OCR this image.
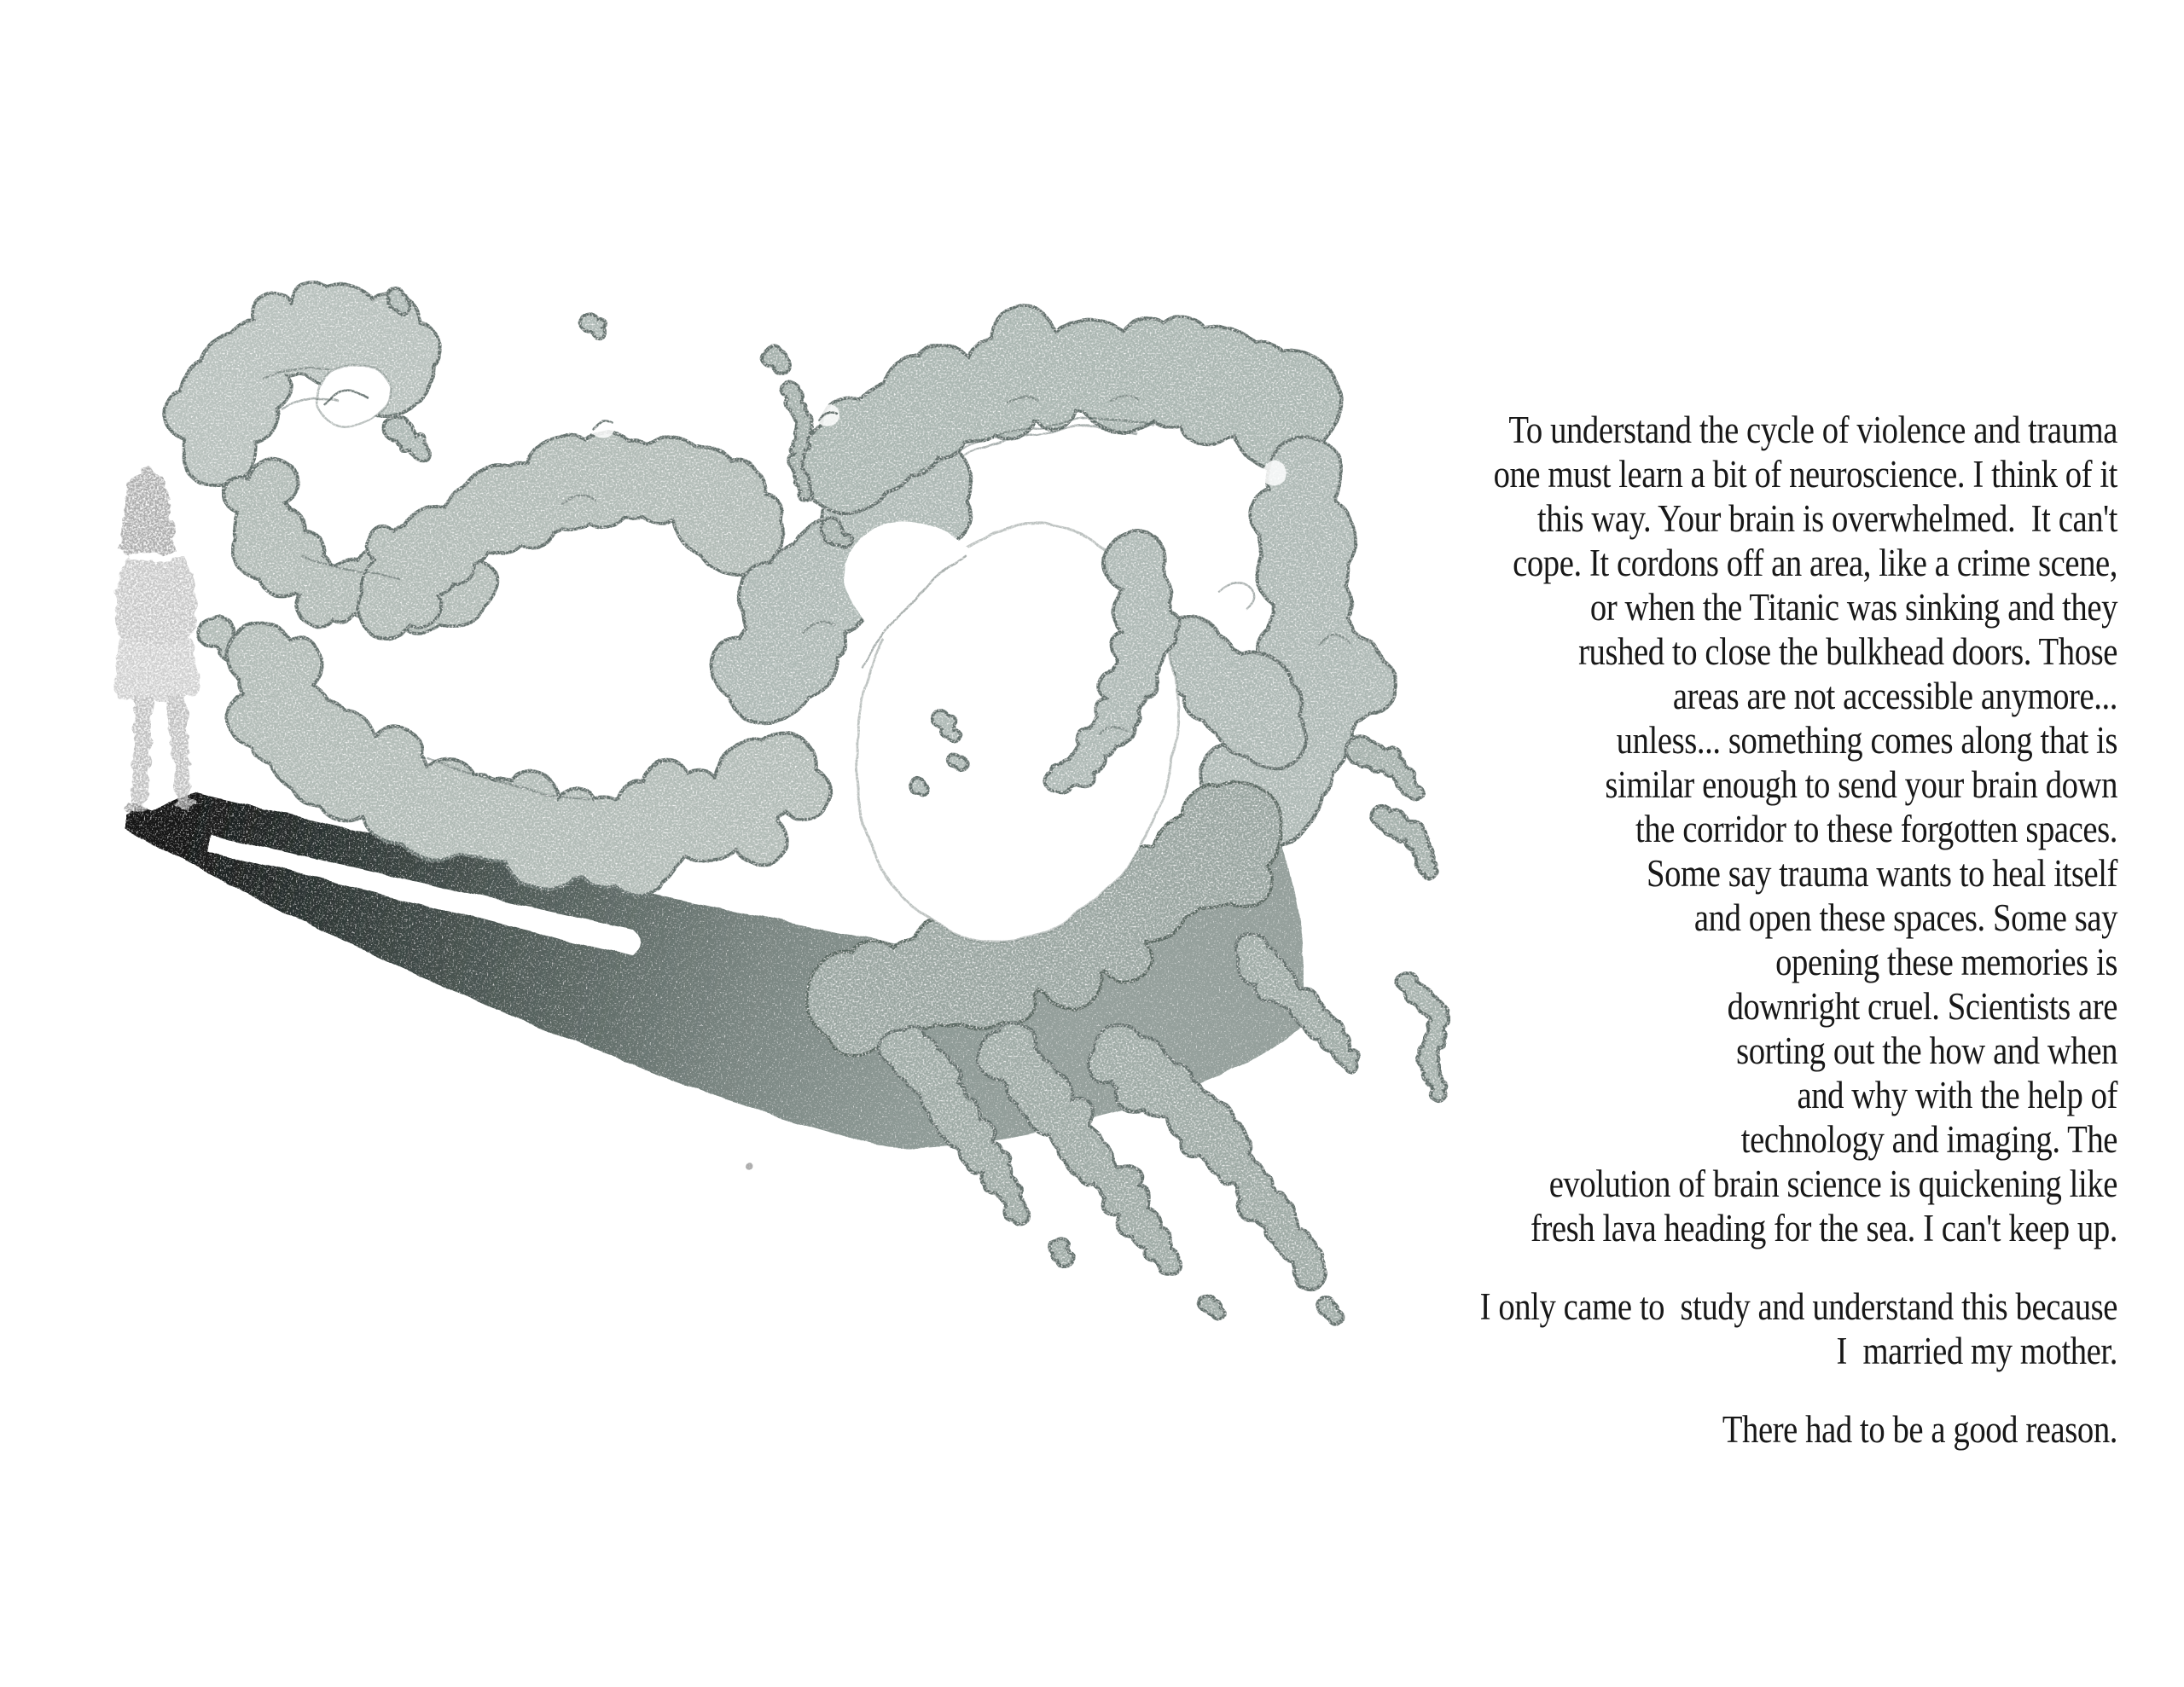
To understand the cycle of violence and trauma
one must learn a bit of neuroscience. I think of it
this way. Your brain is overwhelmed.  It can't
cope. It cordons off an area, like a crime scene,
or when the Titanic was sinking and they
rushed to close the bulkhead doors. Those
areas are not accessible anymore...
unless... something comes along that is
similar enough to send your brain down
the corridor to these forgotten spaces.
Some say trauma wants to heal itself
and open these spaces. Some say
opening these memories is
downright cruel. Scientists are
sorting out the how and when
and why with the help of
technology and imaging. The
evolution of brain science is quickening like
fresh lava heading for the sea. I can't keep up.
I only came to  study and understand this because
I  married my mother.
There had to be a good reason.
